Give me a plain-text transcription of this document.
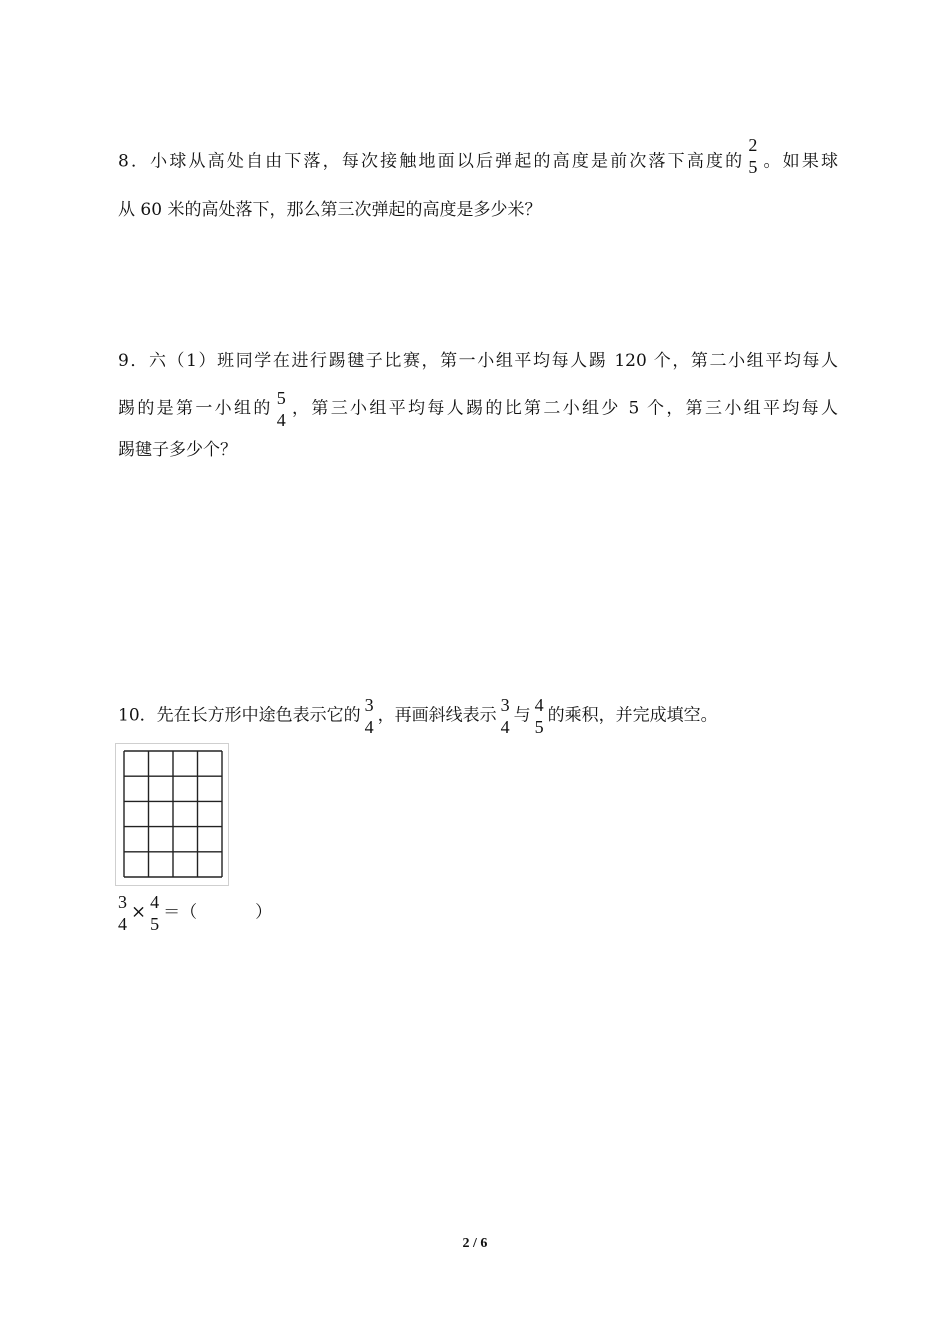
8．小球从高处自由下落，每次接触地面以后弹起的高度是前次落下高度的
2
5 。如果球
从 60 米的高处落下，那么第三次弹起的高度是多少米？
9．六（1）班同学在进行踢毽子比赛，第一小组平均每人踢 120 个，第二小组平均每人
踢的是第一小组的
5
4
，第三小组平均每人踢的比第二小组少 5 个，第三小组平均每人
踢毽子多少个？
10．先在长方形中途色表示它的
3
4
，再画斜线表示
3
4
与
4
5
的乘积，并完成填空。
3
4
× 4
5
＝（	）
2 / 6
